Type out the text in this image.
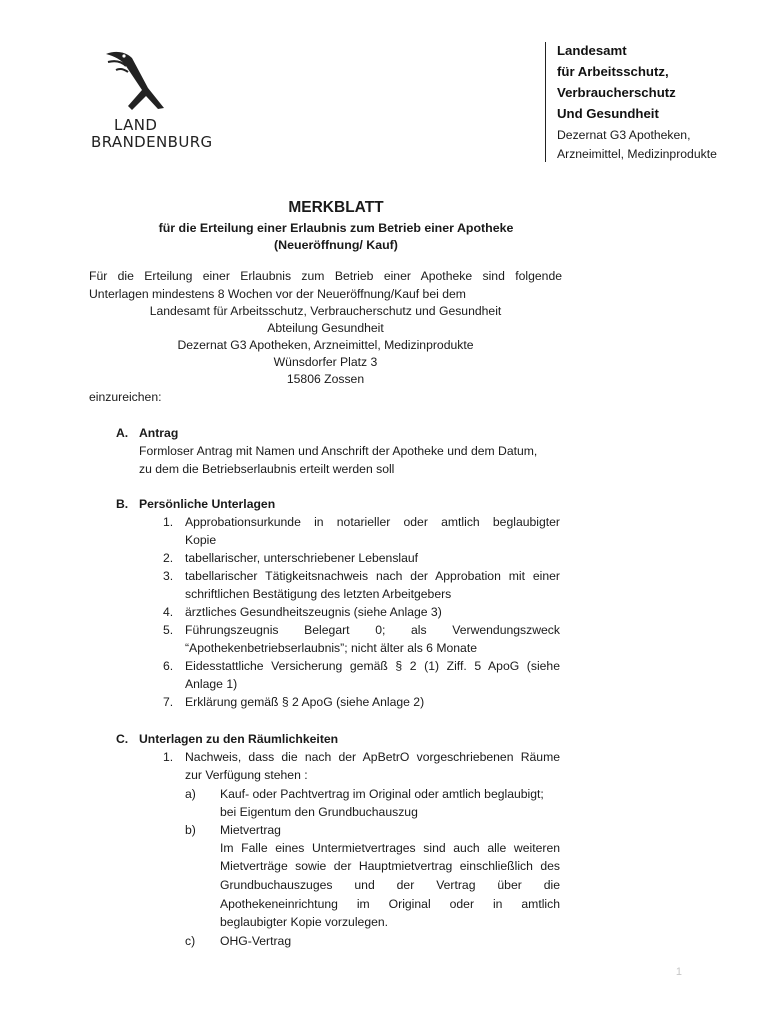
LAND
BRANDENBURG
Landesamt
für Arbeitsschutz,
Verbraucherschutz
Und Gesundheit
Dezernat G3 Apotheken,
Arzneimittel, Medizinprodukte
MERKBLATT
für die Erteilung einer Erlaubnis zum Betrieb einer Apotheke
(Neueröffnung/ Kauf)
Für die Erteilung einer Erlaubnis zum Betrieb einer Apotheke sind folgende
Unterlagen mindestens 8 Wochen vor der Neueröffnung/Kauf bei dem
Landesamt für Arbeitsschutz, Verbraucherschutz und Gesundheit
Abteilung Gesundheit
Dezernat G3 Apotheken, Arzneimittel, Medizinprodukte
Wünsdorfer Platz 3
15806 Zossen
einzureichen:
A. Antrag
Formloser Antrag mit Namen und Anschrift der Apotheke und dem Datum,
zu dem die Betriebserlaubnis erteilt werden soll
B. Persönliche Unterlagen
1. Approbationsurkunde in notarieller oder amtlich beglaubigter
Kopie
2. tabellarischer, unterschriebener Lebenslauf
3. tabellarischer Tätigkeitsnachweis nach der Approbation mit einer
schriftlichen Bestätigung des letzten Arbeitgebers
4. ärztliches Gesundheitszeugnis (siehe Anlage 3)
5. Führungszeugnis Belegart 0; als Verwendungszweck
“Apothekenbetriebserlaubnis”; nicht älter als 6 Monate
6. Eidesstattliche Versicherung gemäß § 2 (1) Ziff. 5 ApoG (siehe
Anlage 1)
7. Erklärung gemäß § 2 ApoG (siehe Anlage 2)
C. Unterlagen zu den Räumlichkeiten
1. Nachweis, dass die nach der ApBetrO vorgeschriebenen Räume
zur Verfügung stehen :
a) Kauf- oder Pachtvertrag im Original oder amtlich beglaubigt;
bei Eigentum den Grundbuchauszug
b) Mietvertrag
Im Falle eines Untermietvertrages sind auch alle weiteren
Mietverträge sowie der Hauptmietvertrag einschließlich des
Grundbuchauszuges und der Vertrag über die
Apothekeneinrichtung im Original oder in amtlich
beglaubigter Kopie vorzulegen.
c) OHG-Vertrag
1
